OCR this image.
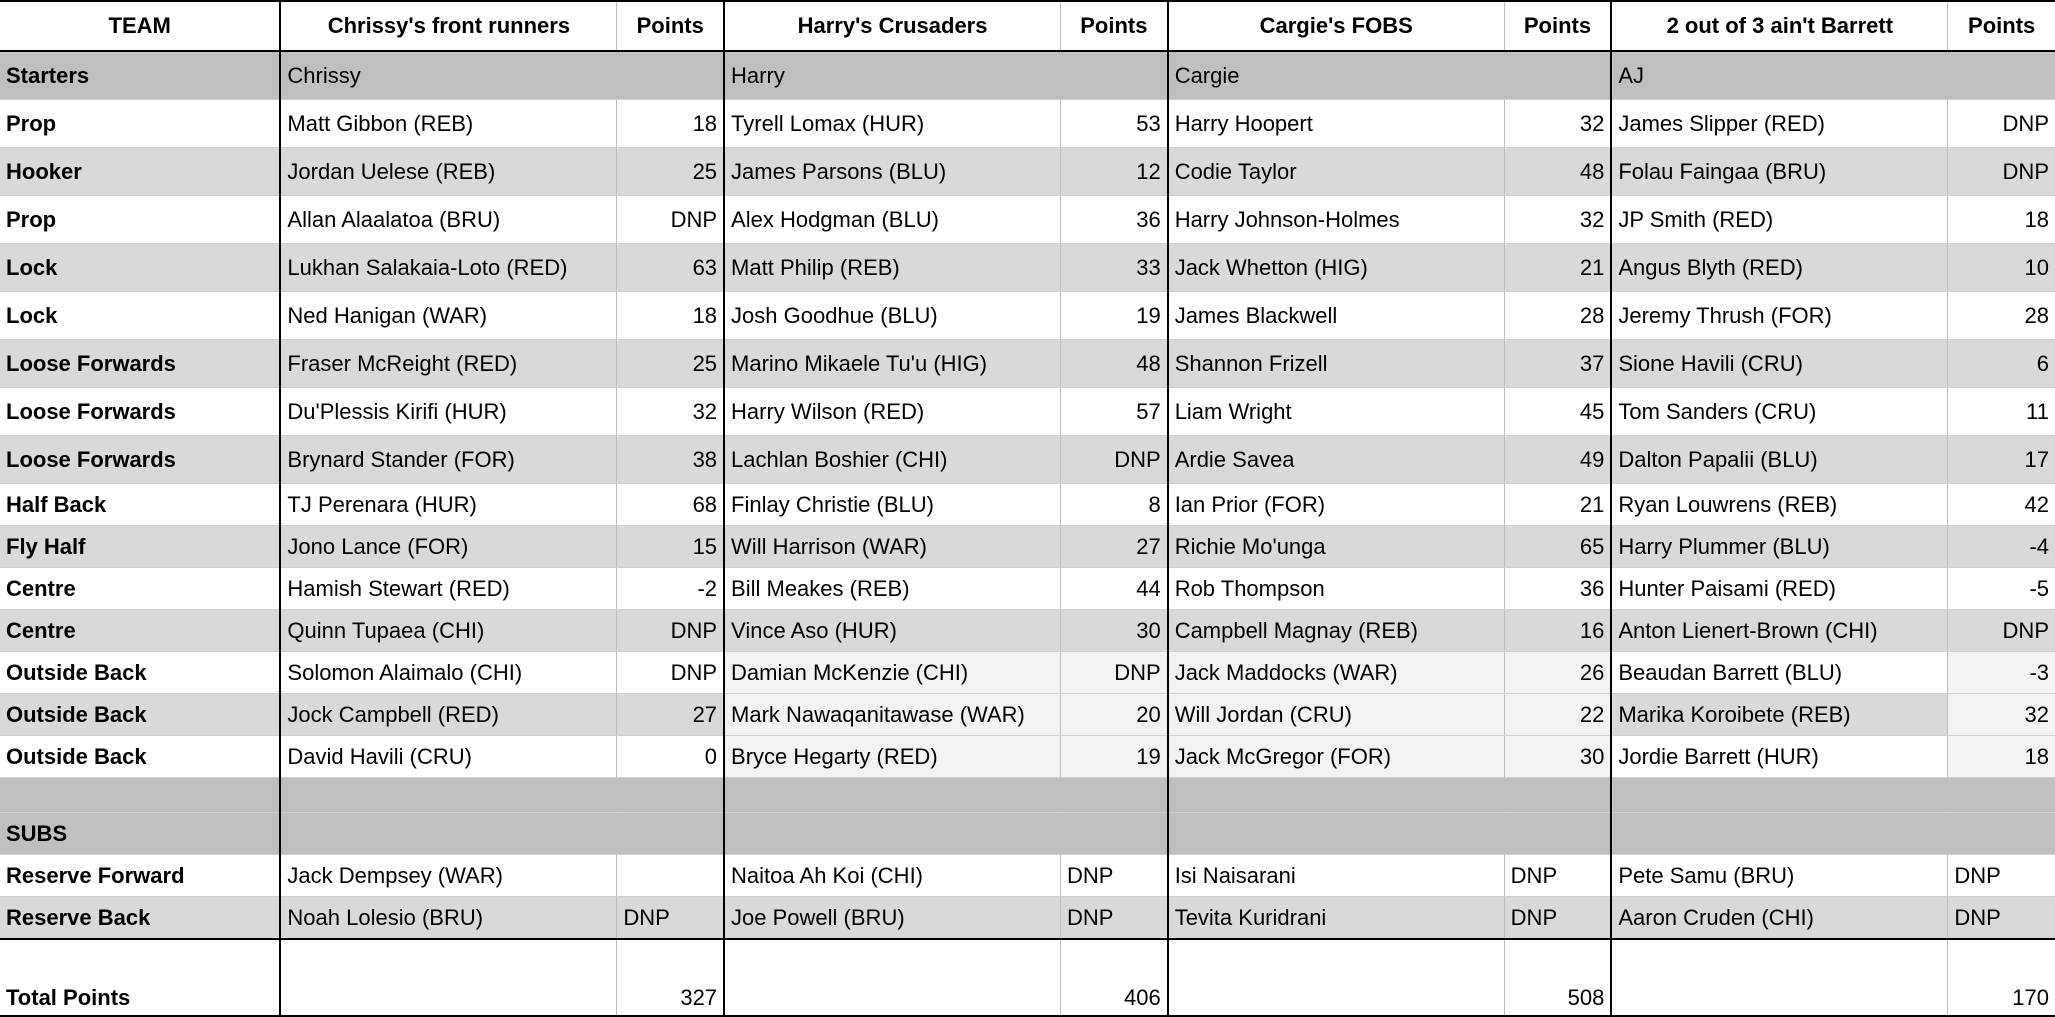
TEAM	Chrissy's front runners	Points	Harry's Crusaders	Points	Cargie's FOBS	Points	2 out of 3 ain't Barrett	Points
Starters	Chrissy		Harry		Cargie		AJ	
Prop	Matt Gibbon (REB)	18	Tyrell Lomax (HUR)	53	Harry Hoopert	32	James Slipper (RED)	DNP
Hooker	Jordan Uelese (REB)	25	James Parsons (BLU)	12	Codie Taylor	48	Folau Faingaa (BRU)	DNP
Prop	Allan Alaalatoa (BRU)	DNP	Alex Hodgman (BLU)	36	Harry Johnson-Holmes	32	JP Smith (RED)	18
Lock	Lukhan Salakaia-Loto (RED)	63	Matt Philip (REB)	33	Jack Whetton (HIG)	21	Angus Blyth (RED)	10
Lock	Ned Hanigan (WAR)	18	Josh Goodhue (BLU)	19	James Blackwell	28	Jeremy Thrush (FOR)	28
Loose Forwards	Fraser McReight (RED)	25	Marino Mikaele Tu'u (HIG)	48	Shannon Frizell	37	Sione Havili (CRU)	6
Loose Forwards	Du'Plessis Kirifi (HUR)	32	Harry Wilson (RED)	57	Liam Wright	45	Tom Sanders (CRU)	11
Loose Forwards	Brynard Stander (FOR)	38	Lachlan Boshier (CHI)	DNP	Ardie Savea	49	Dalton Papalii (BLU)	17
Half Back	TJ Perenara (HUR)	68	Finlay Christie (BLU)	8	Ian Prior (FOR)	21	Ryan Louwrens (REB)	42
Fly Half	Jono Lance (FOR)	15	Will Harrison (WAR)	27	Richie Mo'unga	65	Harry Plummer (BLU)	-4
Centre	Hamish Stewart (RED)	-2	Bill Meakes (REB)	44	Rob Thompson	36	Hunter Paisami (RED)	-5
Centre	Quinn Tupaea (CHI)	DNP	Vince Aso (HUR)	30	Campbell Magnay (REB)	16	Anton Lienert-Brown (CHI)	DNP
Outside Back	Solomon Alaimalo (CHI)	DNP	Damian McKenzie (CHI)	DNP	Jack Maddocks (WAR)	26	Beaudan Barrett (BLU)	-3
Outside Back	Jock Campbell (RED)	27	Mark Nawaqanitawase (WAR)	20	Will Jordan (CRU)	22	Marika Koroibete (REB)	32
Outside Back	David Havili (CRU)	0	Bryce Hegarty (RED)	19	Jack McGregor (FOR)	30	Jordie Barrett (HUR)	18

SUBS								
Reserve Forward	Jack Dempsey (WAR)		Naitoa Ah Koi (CHI)	DNP	Isi Naisarani	DNP	Pete Samu (BRU)	DNP
Reserve Back	Noah Lolesio (BRU)	DNP	Joe Powell (BRU)	DNP	Tevita Kuridrani	DNP	Aaron Cruden (CHI)	DNP
Total Points		327		406		508		170
